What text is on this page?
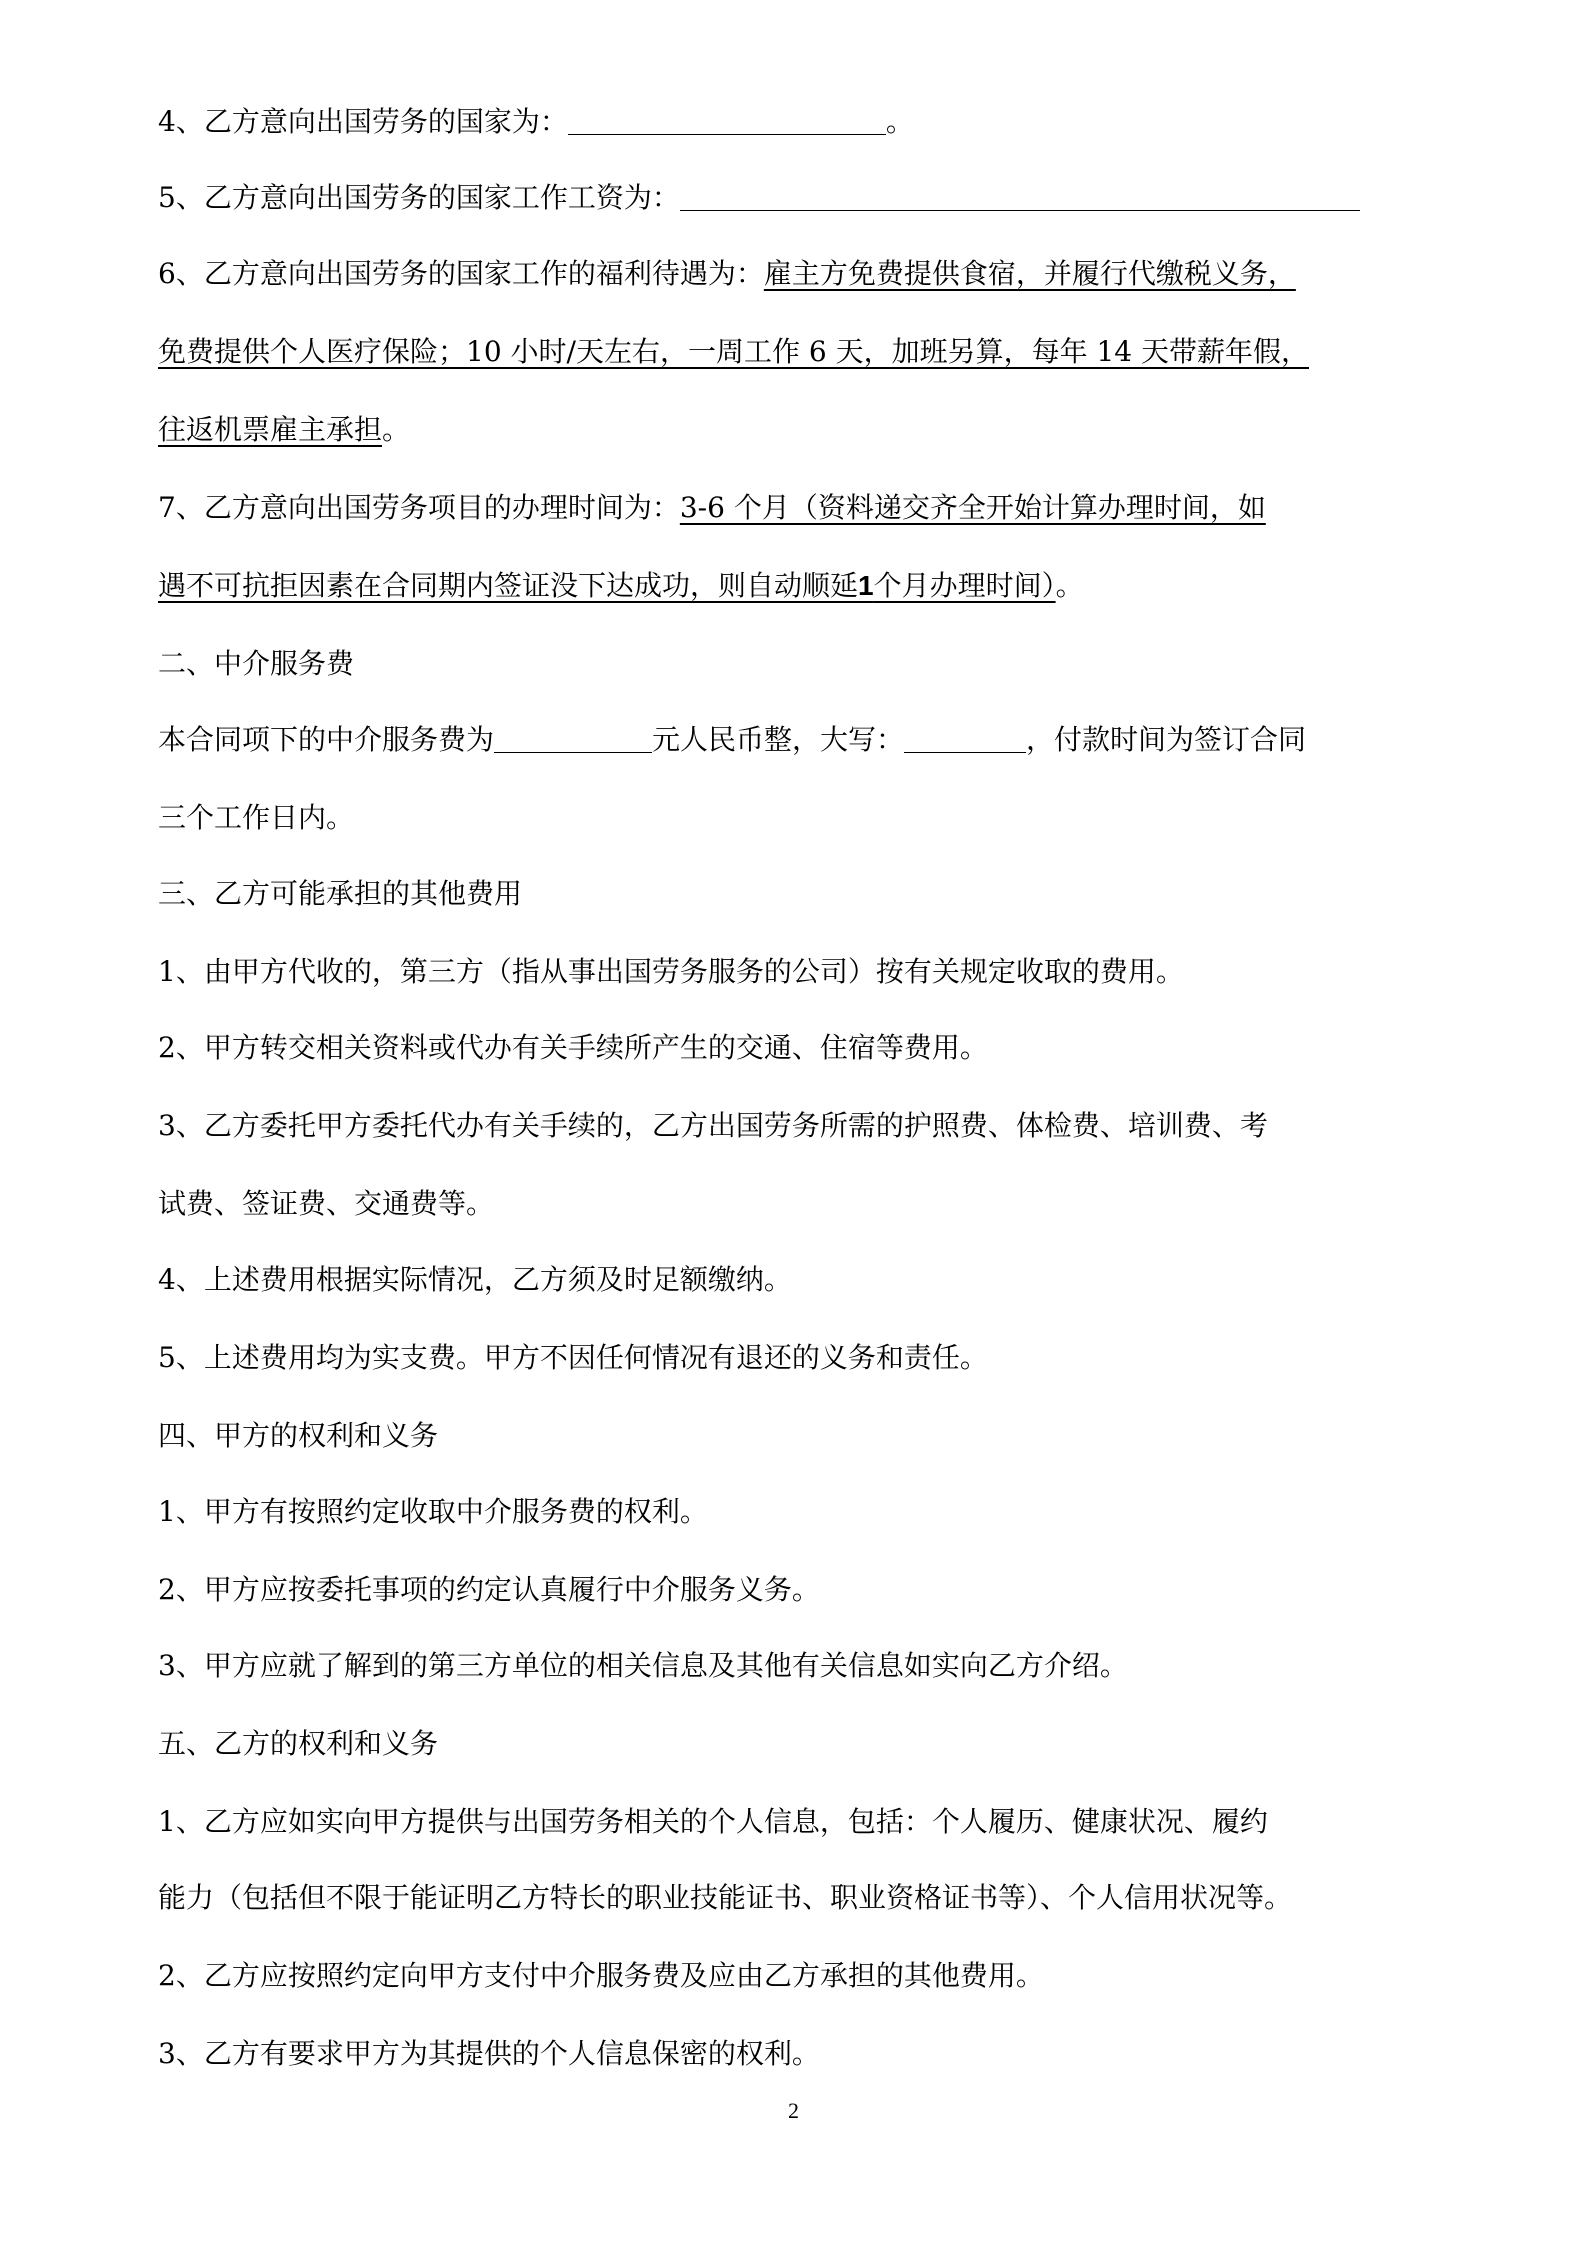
4、乙方意向出国劳务的国家为：	。
5、乙方意向出国劳务的国家工作工资为：
6、乙方意向出国劳务的国家工作的福利待遇为：雇主方免费提供食宿，并履行代缴税义务，
免费提供个人医疗保险；10 小时/天左右，一周工作 6 天，加班另算，每年 14 天带薪年假，
往返机票雇主承担。
7、乙方意向出国劳务项目的办理时间为：3-6 个月（资料递交齐全开始计算办理时间，如
遇不可抗拒因素在合同期内签证没下达成功，则自动顺延1个月办理时间）。
二、中介服务费
本合同项下的中介服务费为	元人民币整，大写：	，付款时间为签订合同
三个工作日内。
三、乙方可能承担的其他费用
1、由甲方代收的，第三方（指从事出国劳务服务的公司）按有关规定收取的费用。
2、甲方转交相关资料或代办有关手续所产生的交通、住宿等费用。
3、乙方委托甲方委托代办有关手续的，乙方出国劳务所需的护照费、体检费、培训费、考
试费、签证费、交通费等。
4、上述费用根据实际情况，乙方须及时足额缴纳。
5、上述费用均为实支费。甲方不因任何情况有退还的义务和责任。
四、甲方的权利和义务
1、甲方有按照约定收取中介服务费的权利。
2、甲方应按委托事项的约定认真履行中介服务义务。
3、甲方应就了解到的第三方单位的相关信息及其他有关信息如实向乙方介绍。
五、乙方的权利和义务
1、乙方应如实向甲方提供与出国劳务相关的个人信息，包括：个人履历、健康状况、履约
能力（包括但不限于能证明乙方特长的职业技能证书、职业资格证书等）、个人信用状况等。
2、乙方应按照约定向甲方支付中介服务费及应由乙方承担的其他费用。
3、乙方有要求甲方为其提供的个人信息保密的权利。
2
